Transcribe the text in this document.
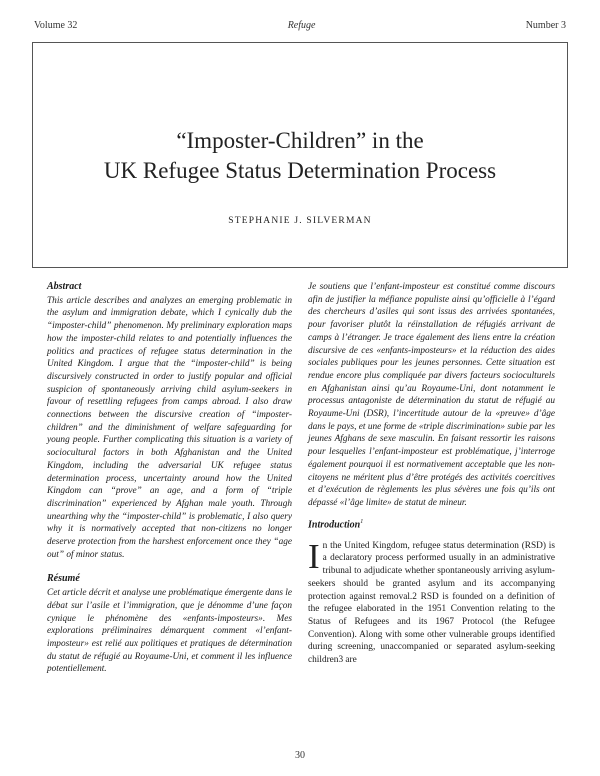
Volume 32	Refuge	Number 3
“Imposter-Children” in the
UK Refugee Status Determination Process
STEPHANIE J. SILVERMAN

Abstract

This article describes and analyzes an emerging problematic in the asylum and immigration debate, which I cynically dub the “imposter-child” phenomenon. My preliminary exploration maps how the imposter-child relates to and potentially influences the politics and practices of refugee status determination in the United Kingdom. I argue that the “imposter-child” is being discursively constructed in order to justify popular and official suspicion of spontaneously arriving child asylum-seekers in favour of resettling refugees from camps abroad. I also draw connections between the discursive creation of “imposter-children” and the diminishment of welfare safeguarding for young people. Further complicating this situation is a variety of sociocultural factors in both Afghanistan and the United Kingdom, including the adversarial UK refugee status determination process, uncertainty around how the United Kingdom can “prove” an age, and a form of “triple discrimination” experienced by Afghan male youth. Through unearthing why the “imposter-child” is problematic, I also query why it is normatively accepted that non-citizens no longer deserve protection from the harshest enforcement once they “age out” of minor status.

Résumé

Cet article décrit et analyse une problématique émergente dans le débat sur l’asile et l’immigration, que je dénomme d’une façon cynique le phénomène des «enfants-imposteurs». Mes explorations préliminaires démarquent comment «l’enfant-imposteur» est relié aux politiques et pratiques de détermination du statut de réfugié au Royaume-Uni, et comment il les influence potentiellement.

Je soutiens que l’enfant-imposteur est constitué comme discours afin de justifier la méfiance populiste ainsi qu’officielle à l’égard des chercheurs d’asiles qui sont issus des arrivées spontanées, pour favoriser plutôt la réinstallation de réfugiés arrivant de camps à l’étranger. Je trace également des liens entre la création discursive de ces «enfants-imposteurs» et la réduction des aides sociales publiques pour les jeunes personnes. Cette situation est rendue encore plus compliquée par divers facteurs socioculturels en Afghanistan ainsi qu’au Royaume-Uni, dont notamment le processus antagoniste de détermination du statut de réfugié au Royaume-Uni (DSR), l’incertitude autour de la «preuve» d’âge dans le pays, et une forme de «triple discrimination» subie par les jeunes Afghans de sexe masculin. En faisant ressortir les raisons pour lesquelles l’enfant-imposteur est problématique, j’interroge également pourquoi il est normativement acceptable que les non-citoyens ne méritent plus d’être protégés des activités coercitives et d’exécution de règlements les plus sévères une fois qu’ils ont dépassé «l’âge limite» de statut de mineur.

Introduction$^1$

In the United Kingdom, refugee status determination (RSD) is a declaratory process performed usually in an administrative tribunal to adjudicate whether spontaneously arriving asylum-seekers should be granted asylum and its accompanying protection against removal.2 RSD is founded on a definition of the refugee elaborated in the 1951 Convention relating to the Status of Refugees and its 1967 Protocol (the Refugee Convention). Along with some other vulnerable groups identified during screening, unaccompanied or separated asylum-seeking children3 are

30
